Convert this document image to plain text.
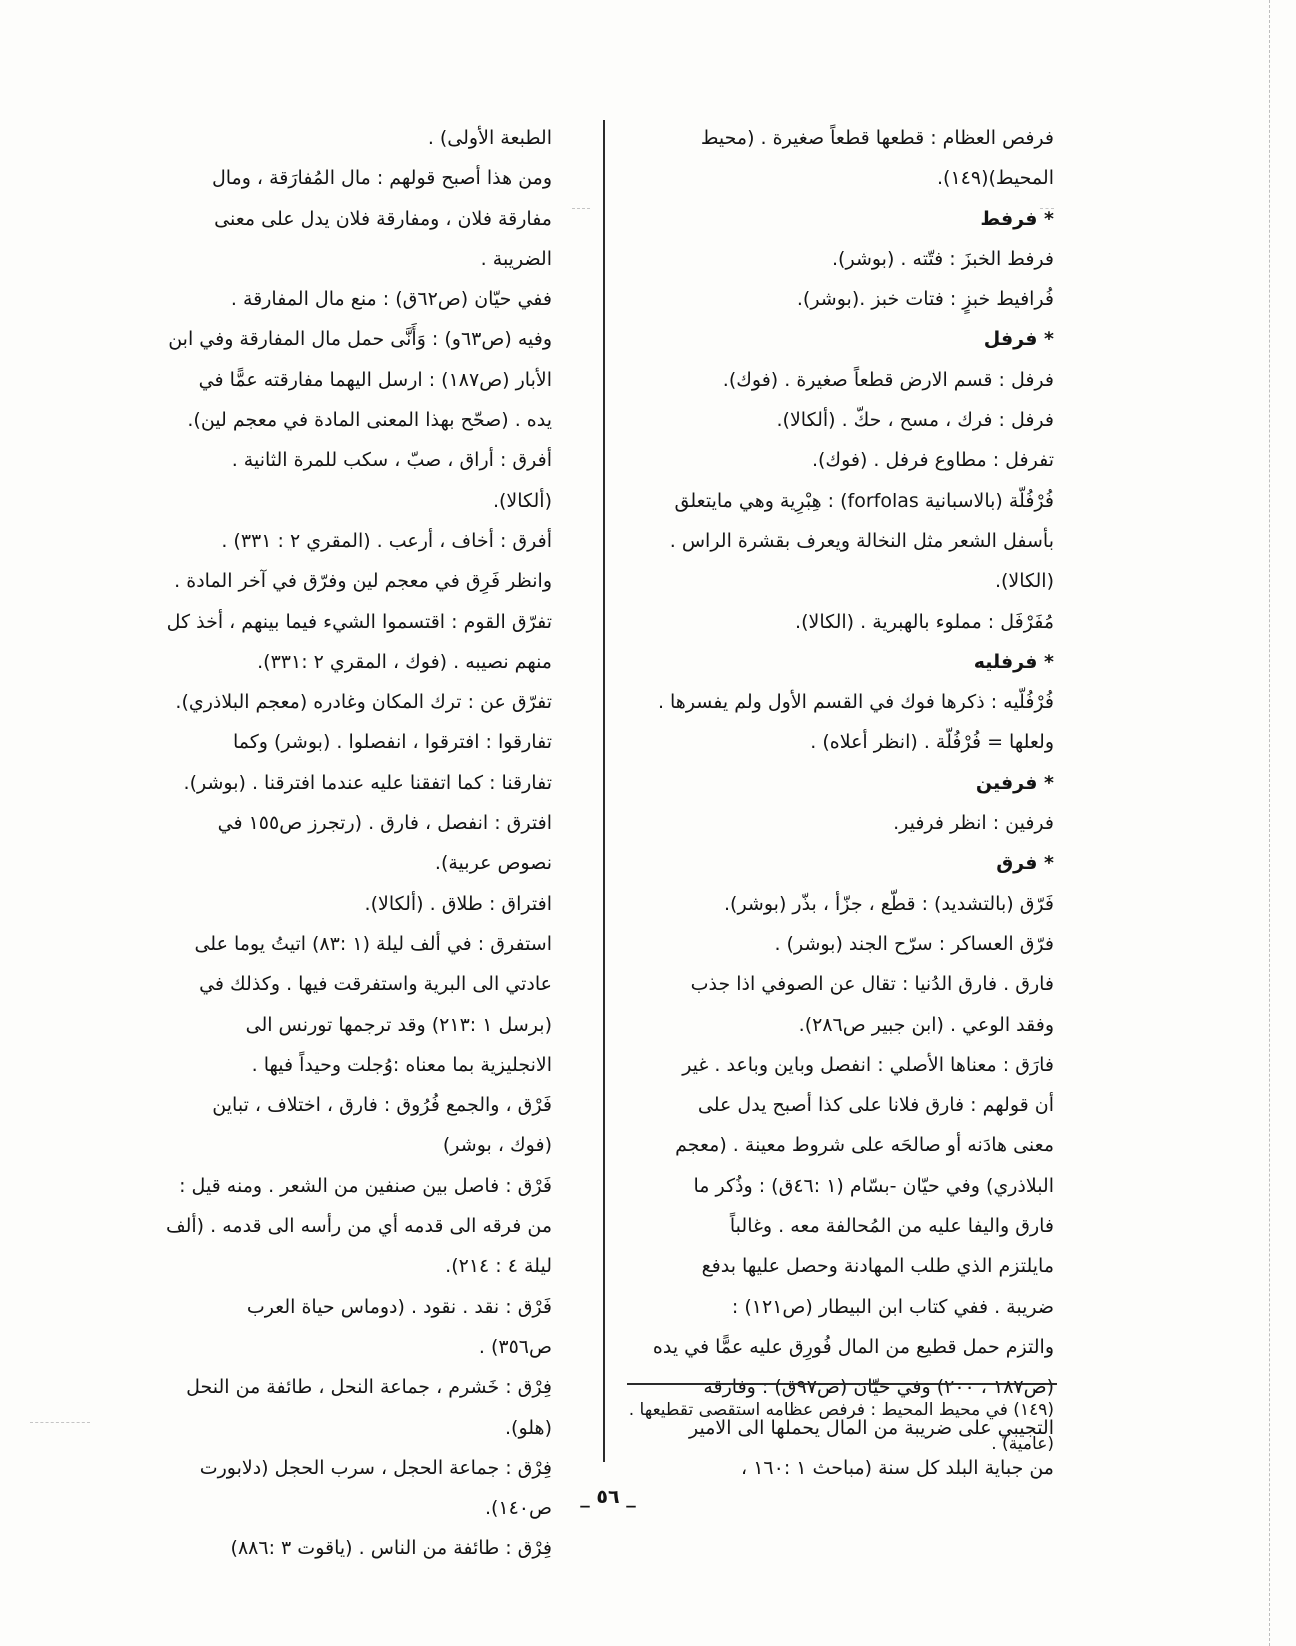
فرفص العظام : قطعها قطعاً صغيرة . (محيط
المحيط)(١٤٩).
* فرفط
فرفط الخبزَ : فتّته . (بوشر).
فُرافيط خبزٍ : فتات خبز .(بوشر).
* فرفل
فرفل : قسم الارض قطعاً صغيرة . (فوك).
فرفل : فرك ، مسح ، حكّ . (ألكالا).
تفرفل : مطاوع فرفل . (فوك).
فُرْفُلّة (بالاسبانية forfolas) : هِبْرِية وهي مايتعلق
بأسفل الشعر مثل النخالة ويعرف بقشرة الراس .
(الكالا).
مُفَرْفَل : مملوء بالهبرية . (الكالا).
* فرفليه
فُرْفُلّيه : ذكرها فوك في القسم الأول ولم يفسرها .
ولعلها = فُرْفُلّة . (انظر أعلاه) .
* فرفين
فرفين : انظر فرفير.
* فرق
فَرّق (بالتشديد) : قطّع ، جزّأ ، بذّر (بوشر).
فرّق العساكر : سرّح الجند (بوشر) .
فارق . فارق الدُنيا : تقال عن الصوفي اذا جذب
وفقد الوعي . (ابن جبير ص٢٨٦).
فارَق : معناها الأصلي : انفصل وباين وباعد . غير
أن قولهم : فارق فلانا على كذا أصبح يدل على
معنى هادَنه أو صالحَه على شروط معينة . (معجم
البلاذري) وفي حيّان -بسّام (١ :٤٦ق) : وذُكر ما
فارق واليفا عليه من المُحالفة معه . وغالباً
مايلتزم الذي طلب المهادنة وحصل عليها بدفع
ضريبة . ففي كتاب ابن البيطار (ص١٢١) :
والتزم حمل قطيع من المال فُورِق عليه عمًّا في يده
(ص١٨٧ ، ٢٠٠) وفي حيّان (ص٩٧ق) : وفارقه
التجيبي على ضريبة من المال يحملها الى الامير
من جباية البلد كل سنة (مباحث ١ :١٦٠ ،
الطبعة الأولى) .
ومن هذا أصبح قولهم : مال المُفارَقة ، ومال
مفارقة فلان ، ومفارقة فلان يدل على معنى
الضريبة .
ففي حيّان (ص٦٢ق) : منع مال المفارقة .
وفيه (ص٦٣و) : وَأَنَّى حمل مال المفارقة وفي ابن
الأبار (ص١٨٧) : ارسل اليهما مفارقته عمًّا في
يده . (صحّح بهذا المعنى المادة في معجم لين).
أفرق : أراق ، صبّ ، سكب للمرة الثانية .
(ألكالا).
أفرق : أخاف ، أرعب . (المقري ٢ : ٣٣١) .
وانظر فَرِق في معجم لين وفرّق في آخر المادة .
تفرّق القوم : اقتسموا الشيء فيما بينهم ، أخذ كل
منهم نصيبه . (فوك ، المقري ٢ :٣٣١).
تفرّق عن : ترك المكان وغادره (معجم البلاذري).
تفارقوا : افترقوا ، انفصلوا . (بوشر) وكما
تفارقنا : كما اتفقنا عليه عندما افترقنا . (بوشر).
افترق : انفصل ، فارق . (رتجرز ص١٥٥ في
نصوص عربية).
افتراق : طلاق . (ألكالا).
استفرق : في ألف ليلة (١ :٨٣) اتيتُ يوما على
عادتي الى البرية واستفرقت فيها . وكذلك في
(برسل ١ :٢١٣) وقد ترجمها تورنس الى
الانجليزية بما معناه :وُجلت وحيداً فيها .
فَرْق ، والجمع فُرُوق : فارق ، اختلاف ، تباين
(فوك ، بوشر)
فَرْق : فاصل بين صنفين من الشعر . ومنه قيل :
من فرقه الى قدمه أي من رأسه الى قدمه . (ألف
ليلة ٤ : ٢١٤).
فَرْق : نقد . نقود . (دوماس حياة العرب
ص٣٥٦) .
فِرْق : خَشرم ، جماعة النحل ، طائفة من النحل
(هلو).
فِرْق : جماعة الحجل ، سرب الحجل (دلابورت
ص١٤٠).
فِرْق : طائفة من الناس . (ياقوت ٣ :٨٨٦)
(١٤٩) في محيط المحيط : فرفص عظامه استقصى تقطيعها .
(عامية) .
_ ٥٦ _
